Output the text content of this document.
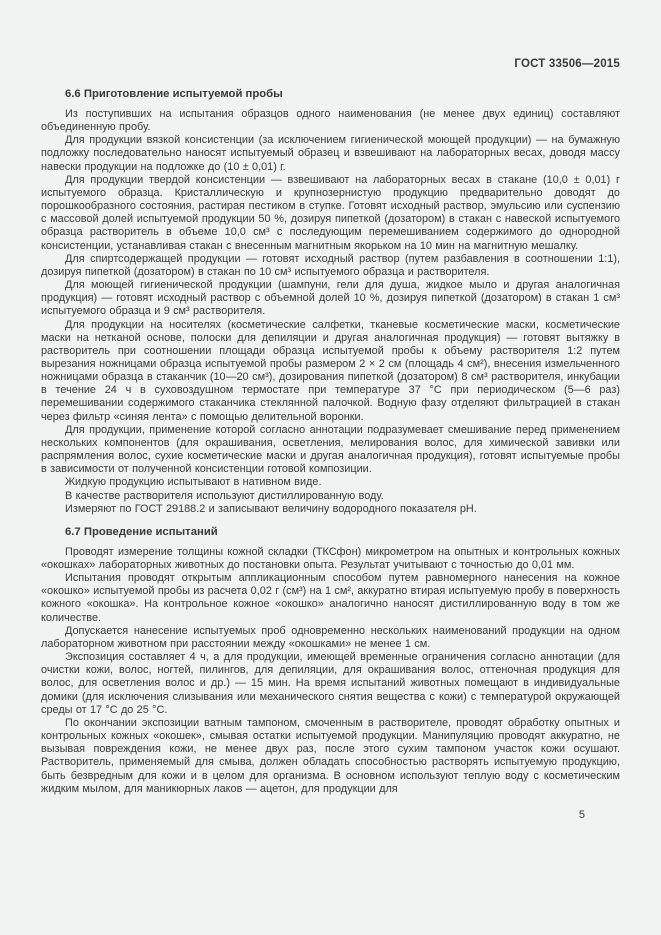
ГОСТ 33506—2015
6.6 Приготовление испытуемой пробы

Из поступивших на испытания образцов одного наименования (не менее двух единиц) составляют объединенную пробу.

Для продукции вязкой консистенции (за исключением гигиенической моющей продукции) — на бумажную подложку последовательно наносят испытуемый образец и взвешивают на лабораторных весах, доводя массу навески продукции на подложке до (10 ± 0,01) г.

Для продукции твердой консистенции — взвешивают на лабораторных весах в стакане (10,0 ± 0,01) г испытуемого образца. Кристаллическую и крупнозернистую продукцию предварительно доводят до порошкообразного состояния, растирая пестиком в ступке. Готовят исходный раствор, эмульсию или суспензию с массовой долей испытуемой продукции 50 %, дозируя пипеткой (дозатором) в стакан с навеской испытуемого образца растворитель в объеме 10,0 см³ с последующим перемешиванием содержимого до однородной консистенции, устанавливая стакан с внесенным магнитным якорьком на 10 мин на магнитную мешалку.

Для спиртсодержащей продукции — готовят исходный раствор (путем разбавления в соотношении 1:1), дозируя пипеткой (дозатором) в стакан по 10 см³ испытуемого образца и растворителя.

Для моющей гигиенической продукции (шампуни, гели для душа, жидкое мыло и другая аналогичная продукция) — готовят исходный раствор с объемной долей 10 %, дозируя пипеткой (дозатором) в стакан 1 см³ испытуемого образца и 9 см³ растворителя.

Для продукции на носителях (косметические салфетки, тканевые косметические маски, косметические маски на нетканой основе, полоски для депиляции и другая аналогичная продукция) — готовят вытяжку в растворитель при соотношении площади образца испытуемой пробы к объему растворителя 1:2 путем вырезания ножницами образца испытуемой пробы размером 2 × 2 см (площадь 4 см²), внесения измельченного ножницами образца в стаканчик (10—20 см³), дозирования пипеткой (дозатором) 8 см³ растворителя, инкубации в течение 24 ч в суховоздушном термостате при температуре 37 °С при периодическом (5—6 раз) перемешивании содержимого стаканчика стеклянной палочкой. Водную фазу отделяют фильтрацией в стакан через фильтр «синяя лента» с помощью делительной воронки.

Для продукции, применение которой согласно аннотации подразумевает смешивание перед применением нескольких компонентов (для окрашивания, осветления, мелирования волос, для химической завивки или распрямления волос, сухие косметические маски и другая аналогичная продукция), готовят испытуемые пробы в зависимости от полученной консистенции готовой композиции.

Жидкую продукцию испытывают в нативном виде.

В качестве растворителя используют дистиллированную воду.

Измеряют по ГОСТ 29188.2 и записывают величину водородного показателя pH.

6.7 Проведение испытаний

Проводят измерение толщины кожной складки (ТКСфон) микрометром на опытных и контрольных кожных «окошках» лабораторных животных до постановки опыта. Результат учитывают с точностью до 0,01 мм.

Испытания проводят открытым аппликационным способом путем равномерного нанесения на кожное «окошко» испытуемой пробы из расчета 0,02 г (см³) на 1 см², аккуратно втирая испытуемую пробу в поверхность кожного «окошка». На контрольное кожное «окошко» аналогично наносят дистиллированную воду в том же количестве.

Допускается нанесение испытуемых проб одновременно нескольких наименований продукции на одном лабораторном животном при расстоянии между «окошками» не менее 1 см.

Экспозиция составляет 4 ч, а для продукции, имеющей временные ограничения согласно аннотации (для очистки кожи, волос, ногтей, пилингов, для депиляции, для окрашивания волос, оттеночная продукция для волос, для осветления волос и др.) — 15 мин. На время испытаний животных помещают в индивидуальные домики (для исключения слизывания или механического снятия вещества с кожи) с температурой окружающей среды от 17 °С до 25 °С.

По окончании экспозиции ватным тампоном, смоченным в растворителе, проводят обработку опытных и контрольных кожных «окошек», смывая остатки испытуемой продукции. Манипуляцию проводят аккуратно, не вызывая повреждения кожи, не менее двух раз, после этого сухим тампоном участок кожи осушают. Растворитель, применяемый для смыва, должен обладать способностью растворять испытуемую продукцию, быть безвредным для кожи и в целом для организма. В основном используют теплую воду с косметическим жидким мылом, для маникюрных лаков — ацетон, для продукции для

5
